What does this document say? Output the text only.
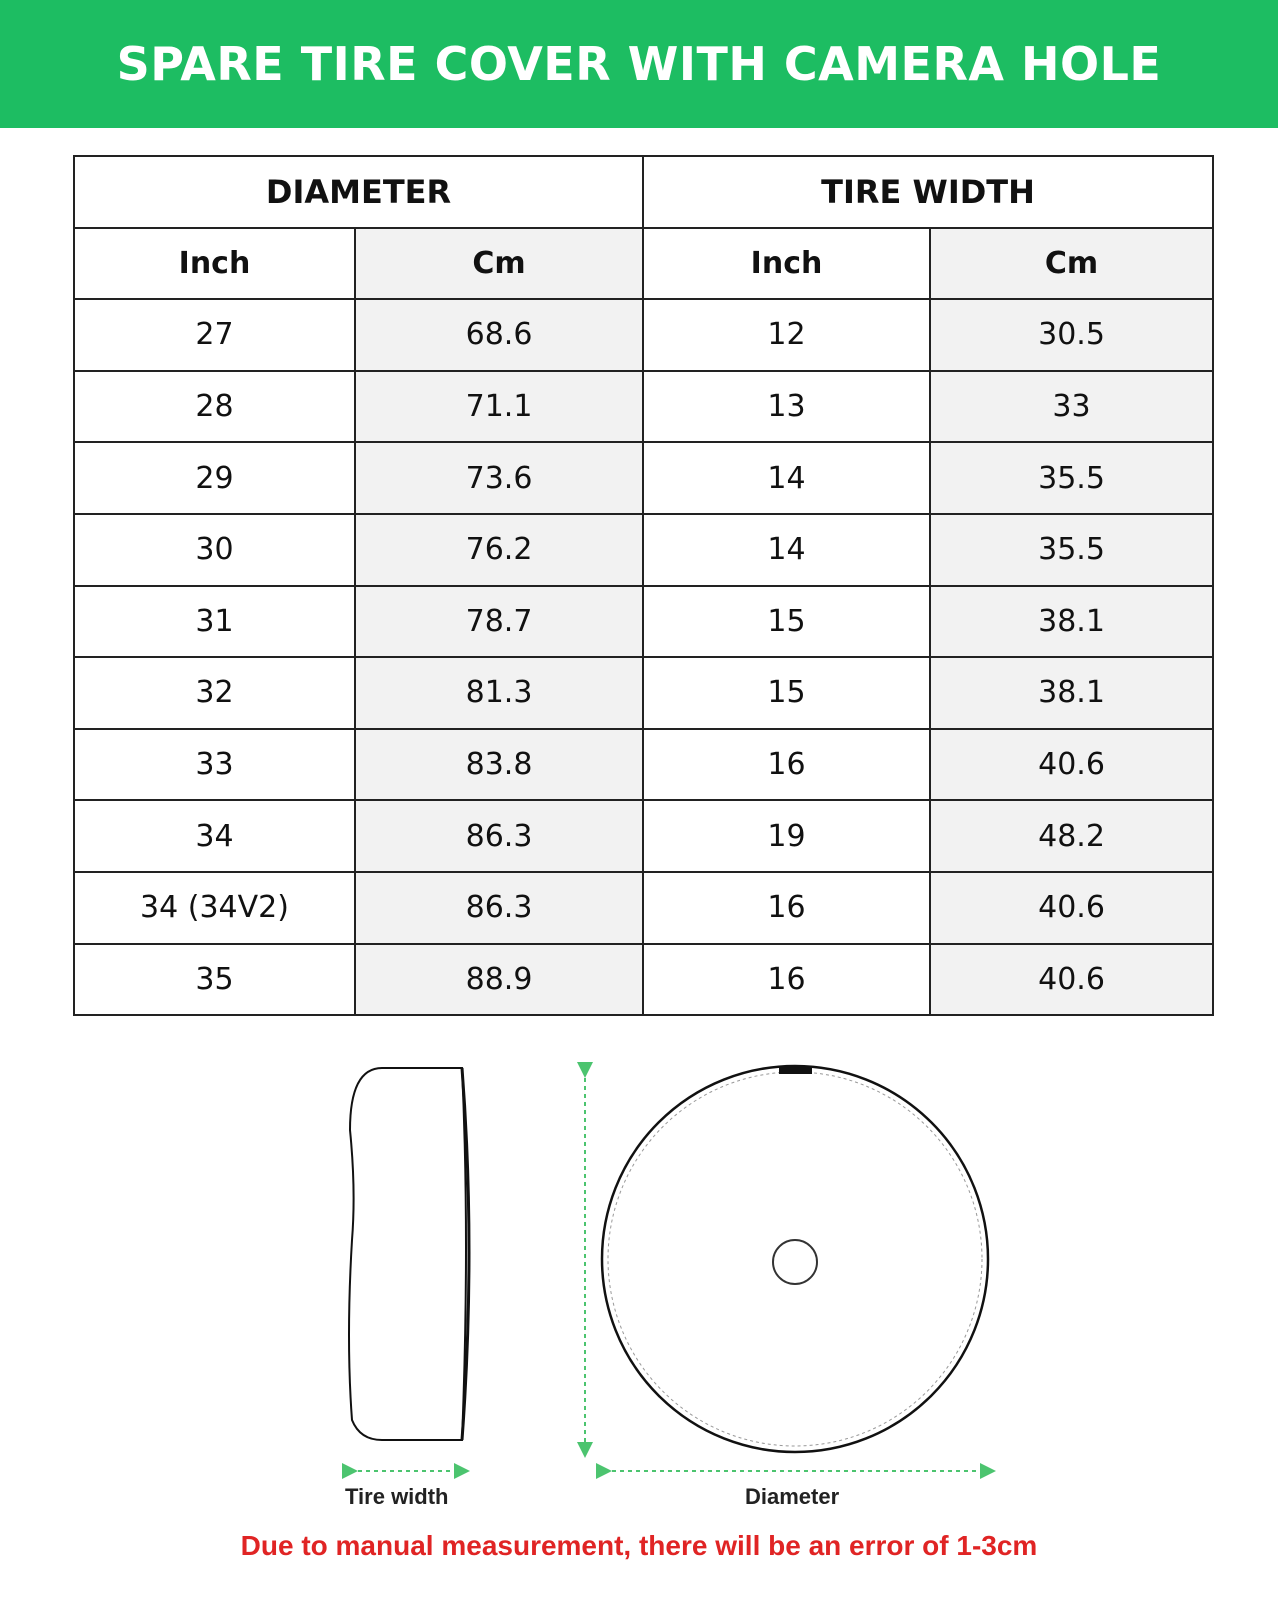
SPARE TIRE COVER WITH CAMERA HOLE
DIAMETER		TIRE WIDTH	
Inch	Cm	Inch	Cm
27	68.6	12	30.5
28	71.1	13	33
29	73.6	14	35.5
30	76.2	14	35.5
31	78.7	15	38.1
32	81.3	15	38.1
33	83.8	16	40.6
34	86.3	19	48.2
34 (34V2)	86.3	16	40.6
35	88.9	16	40.6
Tire width	Diameter
Due to manual measurement, there will be an error of 1-3cm
